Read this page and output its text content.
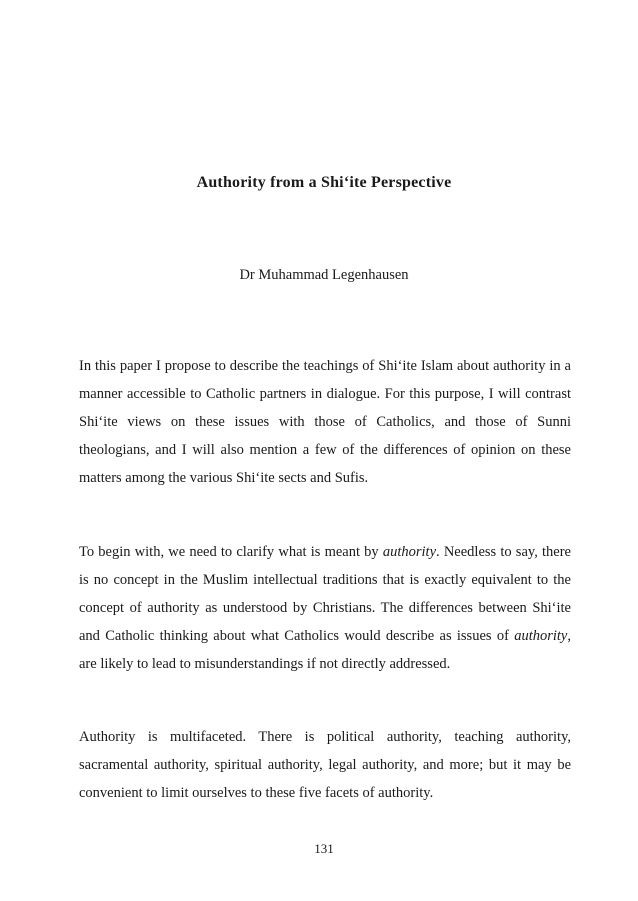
Authority from a Shi‘ite Perspective
Dr Muhammad Legenhausen

In this paper I propose to describe the teachings of Shi‘ite Islam about authority in a manner accessible to Catholic partners in dialogue. For this purpose, I will contrast Shi‘ite views on these issues with those of Catholics, and those of Sunni theologians, and I will also mention a few of the differences of opinion on these matters among the various Shi‘ite sects and Sufis.

To begin with, we need to clarify what is meant by authority. Needless to say, there is no concept in the Muslim intellectual traditions that is exactly equivalent to the concept of authority as understood by Christians. The differences between Shi‘ite and Catholic thinking about what Catholics would describe as issues of authority, are likely to lead to misunderstandings if not directly addressed.

Authority is multifaceted. There is political authority, teaching authority, sacramental authority, spiritual authority, legal authority, and more; but it may be convenient to limit ourselves to these five facets of authority.

131
